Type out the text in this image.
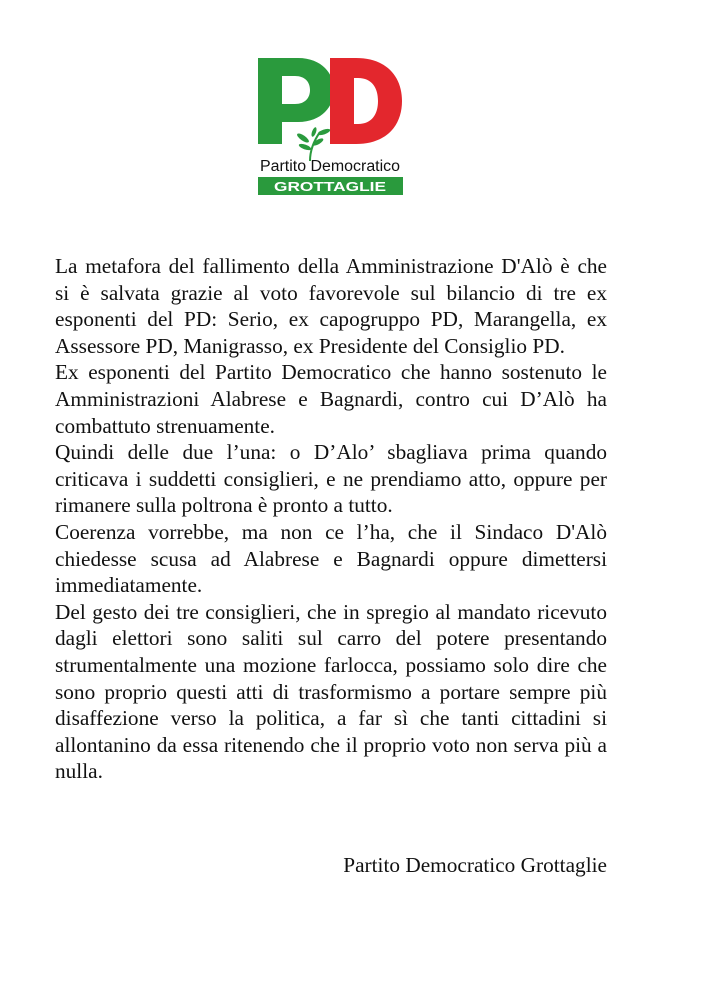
Partito Democratico
GROTTAGLIE

La metafora del fallimento della Amministrazione D'Alò è che si è salvata grazie al voto favorevole sul bilancio di tre ex esponenti del PD: Serio, ex capogruppo PD, Marangella, ex Assessore PD, Manigrasso, ex Presidente del Consiglio PD.

Ex esponenti del Partito Democratico che hanno sostenuto le Amministrazioni Alabrese e Bagnardi, contro cui D’Alò ha combattuto strenuamente.

Quindi delle due l’una: o D’Alo’ sbagliava prima quando criticava i suddetti consiglieri, e ne prendiamo atto, oppure per rimanere sulla poltrona è pronto a tutto.

Coerenza vorrebbe, ma non ce l’ha, che il Sindaco D'Alò chiedesse scusa ad Alabrese e Bagnardi oppure dimettersi immediatamente.

Del gesto dei tre consiglieri, che in spregio al mandato ricevuto dagli elettori sono saliti sul carro del potere presentando strumentalmente una mozione farlocca, possiamo solo dire che sono proprio questi atti di trasformismo a portare sempre più disaffezione verso la politica, a far sì che tanti cittadini si allontanino da essa ritenendo che il proprio voto non serva più a nulla.

Partito Democratico Grottaglie
